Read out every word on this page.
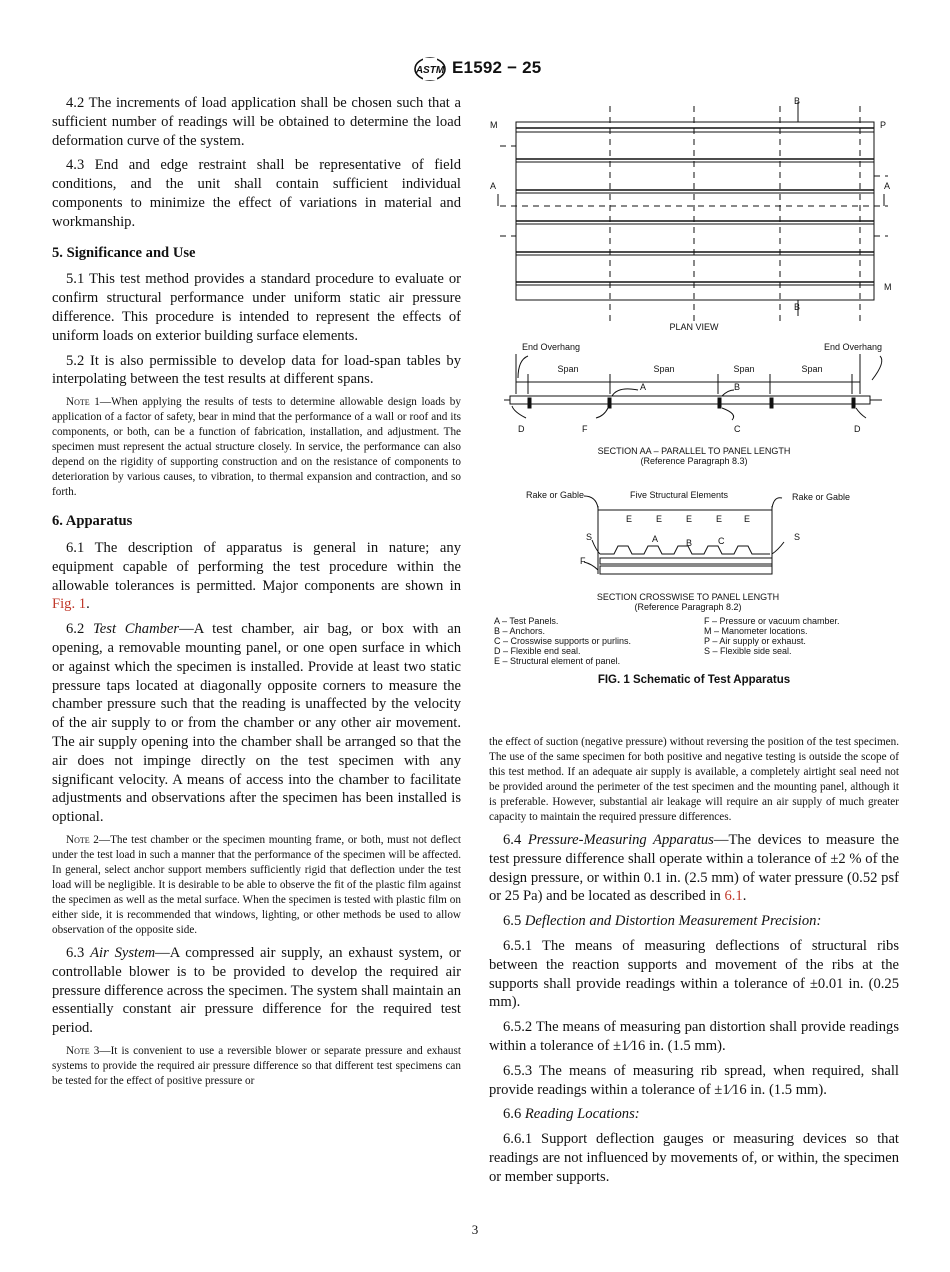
ASTM E1592 − 25

4.2 The increments of load application shall be chosen such that a sufficient number of readings will be obtained to determine the load deformation curve of the system.

4.3 End and edge restraint shall be representative of field conditions, and the unit shall contain sufficient individual components to minimize the effect of variations in material and workmanship.

5. Significance and Use

5.1 This test method provides a standard procedure to evaluate or confirm structural performance under uniform static air pressure difference. This procedure is intended to represent the effects of uniform loads on exterior building surface elements.

5.2 It is also permissible to develop data for load-span tables by interpolating between the test results at different spans.

Note 1—When applying the results of tests to determine allowable design loads by application of a factor of safety, bear in mind that the performance of a wall or roof and its components, or both, can be a function of fabrication, installation, and adjustment. The specimen must represent the actual structure closely. In service, the performance can also depend on the rigidity of supporting construction and on the resistance of components to deterioration by various causes, to vibration, to thermal expansion and contraction, and so forth.

6. Apparatus

6.1 The description of apparatus is general in nature; any equipment capable of performing the test procedure within the allowable tolerances is permitted. Major components are shown in Fig. 1.

6.2 Test Chamber—A test chamber, air bag, or box with an opening, a removable mounting panel, or one open surface in which or against which the specimen is installed. Provide at least two static pressure taps located at diagonally opposite corners to measure the chamber pressure such that the reading is unaffected by the velocity of the air supply to or from the chamber or any other air movement. The air supply opening into the chamber shall be arranged so that the air does not impinge directly on the test specimen with any significant velocity. A means of access into the chamber to facilitate adjustments and observations after the specimen has been installed is optional.

Note 2—The test chamber or the specimen mounting frame, or both, must not deflect under the test load in such a manner that the performance of the specimen will be affected. In general, select anchor support members sufficiently rigid that deflection under the test load will be negligible. It is desirable to be able to observe the fit of the plastic film against the specimen as well as the metal surface. When the specimen is tested with plastic film on either side, it is recommended that windows, lighting, or other methods be used to allow observation of the opposite side.

6.3 Air System—A compressed air supply, an exhaust system, or controllable blower is to be provided to develop the required air pressure difference across the specimen. The system shall maintain an essentially constant air pressure difference for the required test period.

Note 3—It is convenient to use a reversible blower or separate pressure and exhaust systems to provide the required air pressure difference so that different test specimens can be tested for the effect of positive pressure or

M	P
A	A
B
B
M
PLAN VIEW
End Overhang	End Overhang
Span	Span	Span	Span
A	B
D	F	C	D
SECTION AA – PARALLEL TO PANEL LENGTH
(Reference Paragraph 8.3)
Rake or Gable	Five Structural Elements	Rake or Gable
E	E	E	E E
S	S
A	B	C
F
SECTION CROSSWISE TO PANEL LENGTH
(Reference Paragraph 8.2)
A – Test Panels.
B – Anchors.
C – Crosswise supports or purlins.
D – Flexible end seal.
E – Structural element of panel.
F – Pressure or vacuum chamber.
M – Manometer locations.
P – Air supply or exhaust.
S – Flexible side seal.
FIG. 1 Schematic of Test Apparatus

the effect of suction (negative pressure) without reversing the position of the test specimen. The use of the same specimen for both positive and negative testing is outside the scope of this test method. If an adequate air supply is available, a completely airtight seal need not be provided around the perimeter of the test specimen and the mounting panel, although it is preferable. However, substantial air leakage will require an air supply of much greater capacity to maintain the required pressure differences.

6.4 Pressure-Measuring Apparatus—The devices to measure the test pressure difference shall operate within a tolerance of ±2 % of the design pressure, or within 0.1 in. (2.5 mm) of water pressure (0.52 psf or 25 Pa) and be located as described in 6.1.

6.5 Deflection and Distortion Measurement Precision:

6.5.1 The means of measuring deflections of structural ribs between the reaction supports and movement of the ribs at the supports shall provide readings within a tolerance of ±0.01 in. (0.25 mm).

6.5.2 The means of measuring pan distortion shall provide readings within a tolerance of ±1⁄16 in. (1.5 mm).

6.5.3 The means of measuring rib spread, when required, shall provide readings within a tolerance of ±1⁄16 in. (1.5 mm).

6.6 Reading Locations:

6.6.1 Support deflection gauges or measuring devices so that readings are not influenced by movements of, or within, the specimen or member supports.

3
